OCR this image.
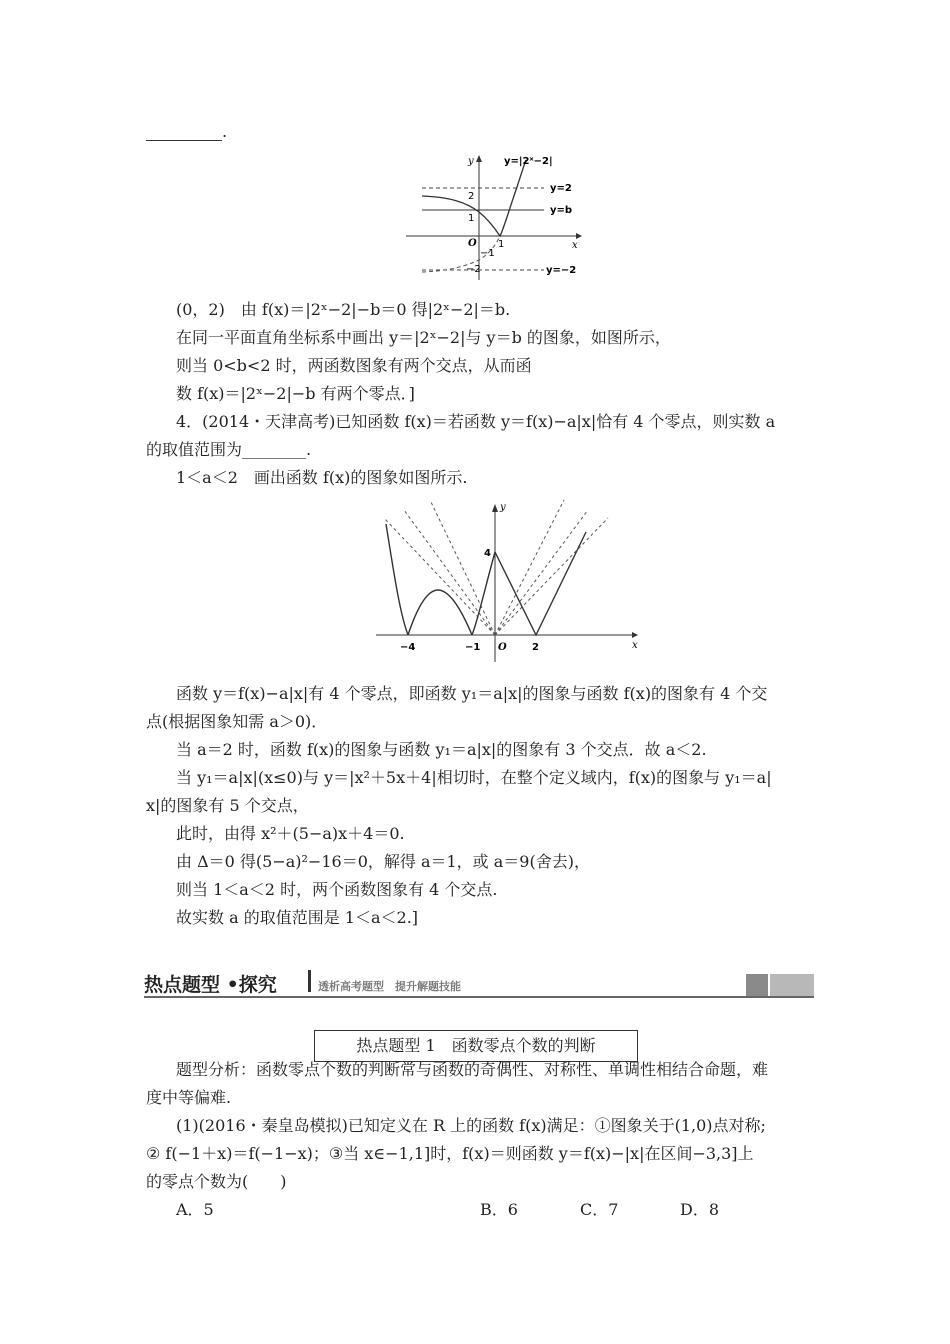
.
y
x
y=|2ˣ−2|
2
1
O 1
−1
−2
y=2
y=b
y=−2
(0，2)　由 f(x)＝|2ˣ−2|−b＝0 得|2ˣ−2|＝b.
在同一平面直角坐标系中画出 y＝|2ˣ−2|与 y＝b 的图象，如图所示，
则当 0<b<2 时，两函数图象有两个交点，从而函
数 f(x)＝|2ˣ−2|−b 有两个零点．]
4．(2014・天津高考)已知函数 f(x)＝若函数 y＝f(x)−a|x|恰有 4 个零点，则实数 a
的取值范围为________.
1＜a＜2　画出函数 f(x)的图象如图所示.
y
x
4
−4	−1 O	2
函数 y＝f(x)−a|x|有 4 个零点，即函数 y₁＝a|x|的图象与函数 f(x)的图象有 4 个交
点(根据图象知需 a＞0)．
当 a＝2 时，函数 f(x)的图象与函数 y₁＝a|x|的图象有 3 个交点．故 a＜2.
当 y₁＝a|x|(x≤0)与 y＝|x²＋5x＋4|相切时，在整个定义域内，f(x)的图象与 y₁＝a|
x|的图象有 5 个交点，
此时，由得 x²＋(5−a)x＋4＝0.
由 Δ＝0 得(5−a)²−16＝0，解得 a＝1，或 a＝9(舍去)，
则当 1＜a＜2 时，两个函数图象有 4 个交点.
故实数 a 的取值范围是 1＜a＜2.]
热点题型 •探究	透析高考题型　提升解题技能
热点题型 1　函数零点个数的判断
题型分析：函数零点个数的判断常与函数的奇偶性、对称性、单调性相结合命题，难
度中等偏难.
(1)(2016・秦皇岛模拟)已知定义在 R 上的函数 f(x)满足：①图象关于(1,0)点对称;
② f(−1＋x)＝f(−1−x)；③当 x∈−1,1]时，f(x)＝则函数 y＝f(x)−|x|在区间−3,3]上
的零点个数为(　　)
A．5	B．6	C．7	D．8
